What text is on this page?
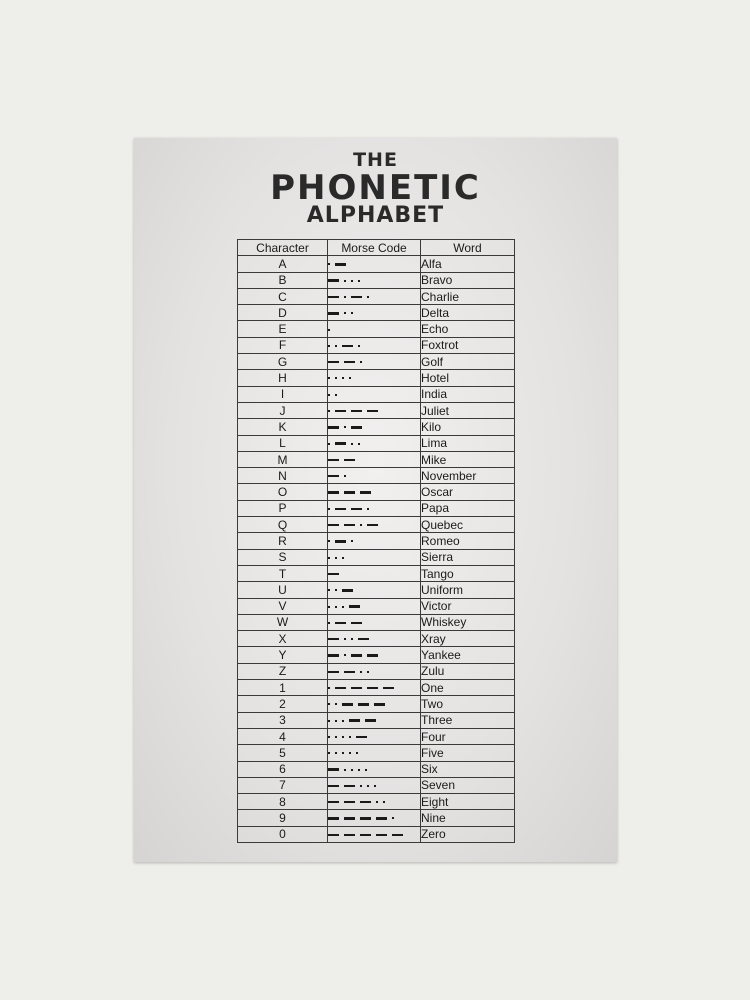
THE
PHONETIC
ALPHABET
Character	Morse Code	Word
A		Alfa
B		Bravo
C		Charlie
D		Delta
E		Echo
F		Foxtrot
G		Golf
H		Hotel
I		India
J		Juliet
K		Kilo
L		Lima
M		Mike
N		November
O		Oscar
P		Papa
Q		Quebec
R		Romeo
S		Sierra
T		Tango
U		Uniform
V		Victor
W		Whiskey
X		Xray
Y		Yankee
Z		Zulu
1		One
2		Two
3		Three
4		Four
5		Five
6		Six
7		Seven
8		Eight
9		Nine
0		Zero
